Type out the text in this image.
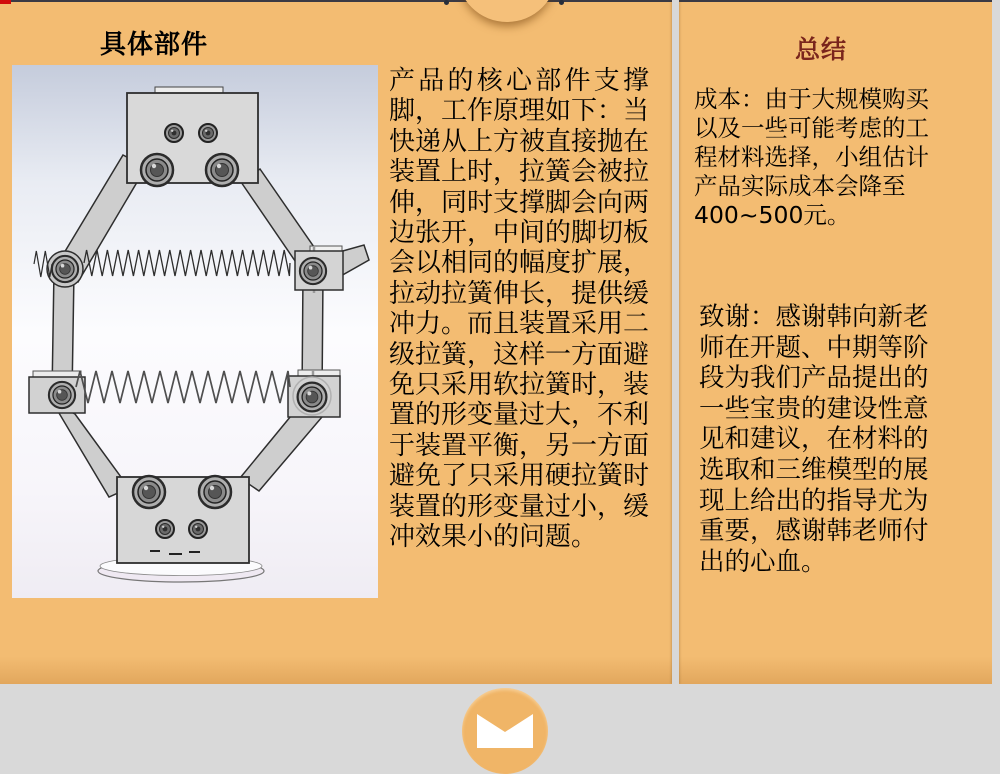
具体部件
产品的核心部件支撑脚，工作原理如下：当快递从上方被直接抛在装置上时，拉簧会被拉伸，同时支撑脚会向两边张开，中间的脚切板会以相同的幅度扩展，拉动拉簧伸长，提供缓冲力。而且装置采用二级拉簧，这样一方面避免只采用软拉簧时，装置的形变量过大，不利于装置平衡，另一方面避免了只采用硬拉簧时装置的形变量过小，缓冲效果小的问题。
总结
成本：由于大规模购买以及一些可能考虑的工程材料选择，小组估计产品实际成本会降至400~500元。
致谢：感谢韩向新老师在开题、中期等阶段为我们产品提出的一些宝贵的建设性意见和建议，在材料的选取和三维模型的展现上给出的指导尤为重要，感谢韩老师付出的心血。
